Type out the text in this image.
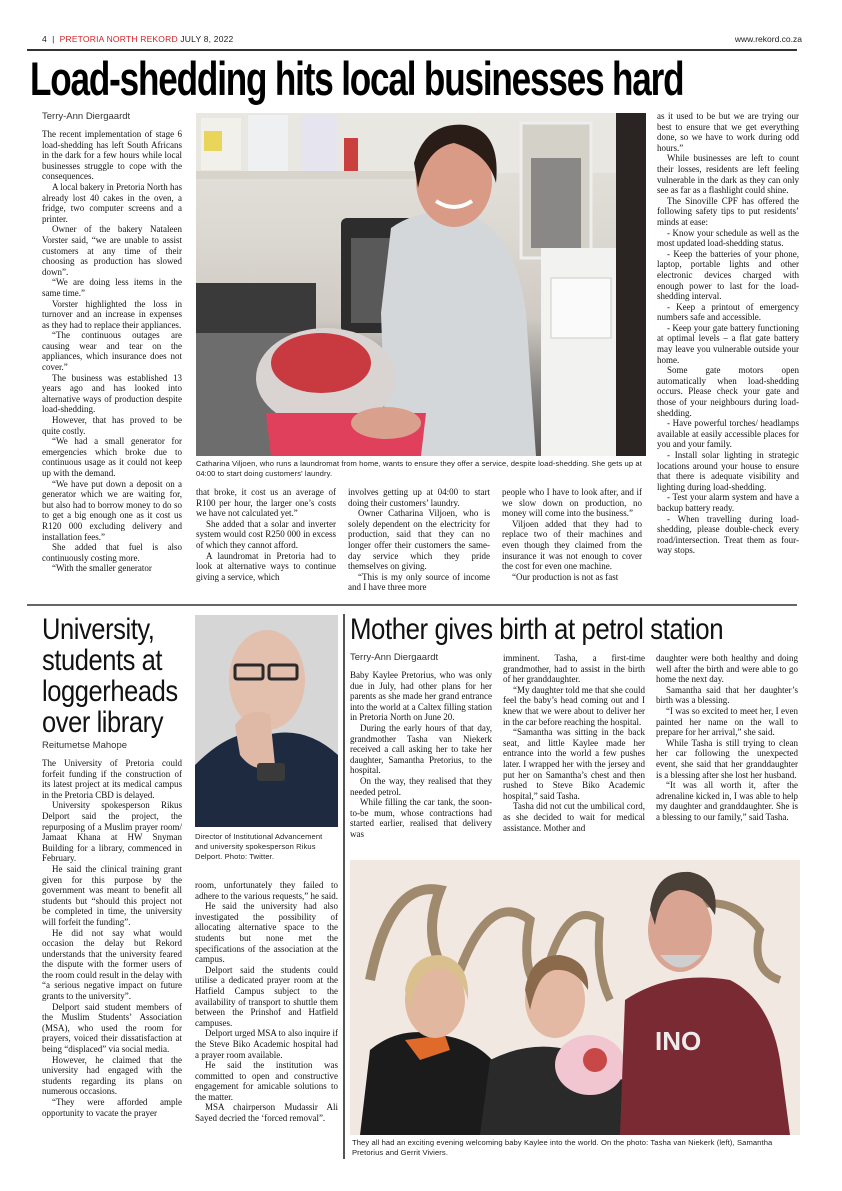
4 | PRETORIA NORTH REKORD JULY 8, 2022	www.rekord.co.za
Load-shedding hits local businesses hard
Terry-Ann Diergaardt
Catharina Viljoen, who runs a laundromat from home, wants to ensure they offer a service, despite load-shedding. She gets up at 04:00 to start doing customers' laundry.

The recent implementation of stage 6 load-shedding has left South Africans in the dark for a few hours while local businesses struggle to cope with the consequences.

A local bakery in Pretoria North has already lost 40 cakes in the oven, a fridge, two computer screens and a printer.

Owner of the bakery Nataleen Vorster said, “we are unable to assist customers at any time of their choosing as production has slowed down”.

“We are doing less items in the same time.”

Vorster highlighted the loss in turnover and an increase in expenses as they had to replace their appliances.

“The continuous outages are causing wear and tear on the appliances, which insurance does not cover.”

The business was established 13 years ago and has looked into alternative ways of production despite load-shedding.

However, that has proved to be quite costly.

“We had a small generator for emergencies which broke due to continuous usage as it could not keep up with the demand.

“We have put down a deposit on a generator which we are waiting for, but also had to borrow money to do so to get a big enough one as it cost us R120 000 excluding delivery and installation fees.”

She added that fuel is also continuously costing more.

“With the smaller generator

that broke, it cost us an average of R100 per hour, the larger one’s costs we have not calculated yet.”

She added that a solar and inverter system would cost R250 000 in excess of which they cannot afford.

A laundromat in Pretoria had to look at alternative ways to continue giving a service, which

involves getting up at 04:00 to start doing their customers’ laundry.

Owner Catharina Viljoen, who is solely dependent on the electricity for production, said that they can no longer offer their customers the same-day service which they pride themselves on giving.

“This is my only source of income and I have three more

people who I have to look after, and if we slow down on production, no money will come into the business.”

Viljoen added that they had to replace two of their machines and even though they claimed from the insurance it was not enough to cover the cost for even one machine.

“Our production is not as fast

as it used to be but we are trying our best to ensure that we get everything done, so we have to work during odd hours.”

While businesses are left to count their losses, residents are left feeling vulnerable in the dark as they can only see as far as a flashlight could shine.

The Sinoville CPF has offered the following safety tips to put residents’ minds at ease:

- Know your schedule as well as the most updated load-shedding status.

- Keep the batteries of your phone, laptop, portable lights and other electronic devices charged with enough power to last for the load-shedding interval.

- Keep a printout of emergency numbers safe and accessible.

- Keep your gate battery functioning at optimal levels – a flat gate battery may leave you vulnerable outside your home.

Some gate motors open automatically when load-shedding occurs. Please check your gate and those of your neighbours during load-shedding.

- Have powerful torches/ headlamps available at easily accessible places for you and your family.

- Install solar lighting in strategic locations around your house to ensure that there is adequate visibility and lighting during load-shedding.

- Test your alarm system and have a backup battery ready.

- When travelling during load-shedding, please double-check every road/intersection. Treat them as four-way stops.

University, students at loggerheads over library
Reitumetse Mahope

The University of Pretoria could forfeit funding if the construction of its latest project at its medical campus in the Pretoria CBD is delayed.

University spokesperson Rikus Delport said the project, the repurposing of a Muslim prayer room/ Jamaat Khana at HW Snyman Building for a library, commenced in February.

He said the clinical training grant given for this purpose by the government was meant to benefit all students but “should this project not be completed in time, the university will forfeit the funding”.

He did not say what would occasion the delay but Rekord understands that the university feared the dispute with the former users of the room could result in the delay with “a serious negative impact on future grants to the university”.

Delport said student members of the Muslim Students’ Association (MSA), who used the room for prayers, voiced their dissatisfaction at being “displaced” via social media.

However, he claimed that the university had engaged with the students regarding its plans on numerous occasions.

“They were afforded ample opportunity to vacate the prayer

Director of Institutional Advancement and university spokesperson Rikus Delport. Photo: Twitter.

room, unfortunately they failed to adhere to the various requests,” he said.

He said the university had also investigated the possibility of allocating alternative space to the students but none met the specifications of the association at the campus.

Delport said the students could utilise a dedicated prayer room at the Hatfield Campus subject to the availability of transport to shuttle them between the Prinshof and Hatfield campuses.

Delport urged MSA to also inquire if the Steve Biko Academic hospital had a prayer room available.

He said the institution was committed to open and constructive engagement for amicable solutions to the matter.

MSA chairperson Mudassir Ali Sayed decried the ‘forced removal”.

Mother gives birth at petrol station
Terry-Ann Diergaardt

Baby Kaylee Pretorius, who was only due in July, had other plans for her parents as she made her grand entrance into the world at a Caltex filling station in Pretoria North on June 20.

During the early hours of that day, grandmother Tasha van Niekerk received a call asking her to take her daughter, Samantha Pretorius, to the hospital.

On the way, they realised that they needed petrol.

While filling the car tank, the soon-to-be mum, whose contractions had started earlier, realised that delivery was

imminent. Tasha, a first-time grandmother, had to assist in the birth of her granddaughter.

“My daughter told me that she could feel the baby’s head coming out and I knew that we were about to deliver her in the car before reaching the hospital.

“Samantha was sitting in the back seat, and little Kaylee made her entrance into the world a few pushes later. I wrapped her with the jersey and put her on Samantha’s chest and then rushed to Steve Biko Academic hospital,” said Tasha.

Tasha did not cut the umbilical cord, as she decided to wait for medical assistance. Mother and

daughter were both healthy and doing well after the birth and were able to go home the next day.

Samantha said that her daughter’s birth was a blessing.

“I was so excited to meet her, I even painted her name on the wall to prepare for her arrival,” she said.

While Tasha is still trying to clean her car following the unexpected event, she said that her granddaughter is a blessing after she lost her husband.

“It was all worth it, after the adrenaline kicked in, I was able to help my daughter and granddaughter. She is a blessing to our family,” said Tasha.

INO
They all had an exciting evening welcoming baby Kaylee into the world. On the photo: Tasha van Niekerk (left), Samantha Pretorius and Gerrit Viviers.
